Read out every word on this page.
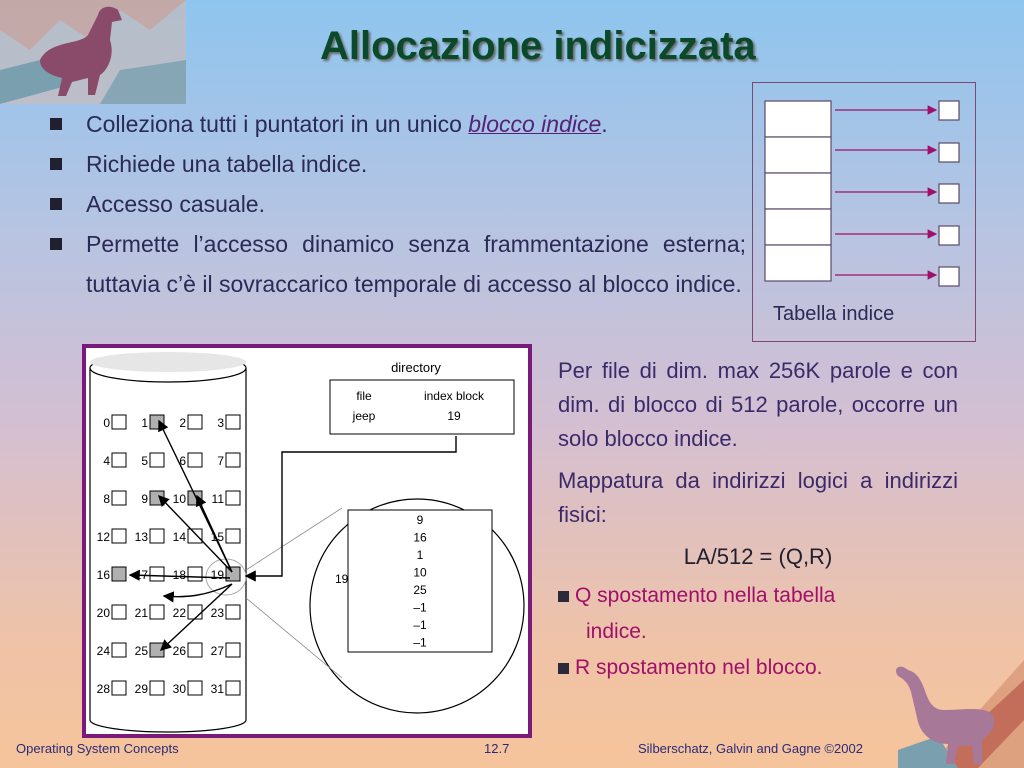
Allocazione indicizzata
Colleziona tutti i puntatori in un unico blocco indice.
Richiede una tabella indice.
Accesso casuale.
Permette l’accesso dinamico senza frammentazione esterna; tuttavia c’è il sovraccarico temporale di accesso al blocco indice.
Tabella indice
directory
file	index block
jeep	19
19
9
16
1
10
25
–1
–1
–1
0	1	2	3
4	5	6	7
8	9 10 11
12 13 14 15
16 17 18 19
20 21 22 23
24 25 26 27
28 29 30 31

Per file di dim. max 256K parole e con dim. di blocco di 512 parole, occorre un solo blocco indice.

Mappatura da indirizzi logici a indirizzi fisici:

LA/512 = (Q,R)
Q spostamento nella tabella
indice.
R spostamento nel blocco.
Operating System Concepts	12.7	Silberschatz, Galvin and Gagne ©2002
